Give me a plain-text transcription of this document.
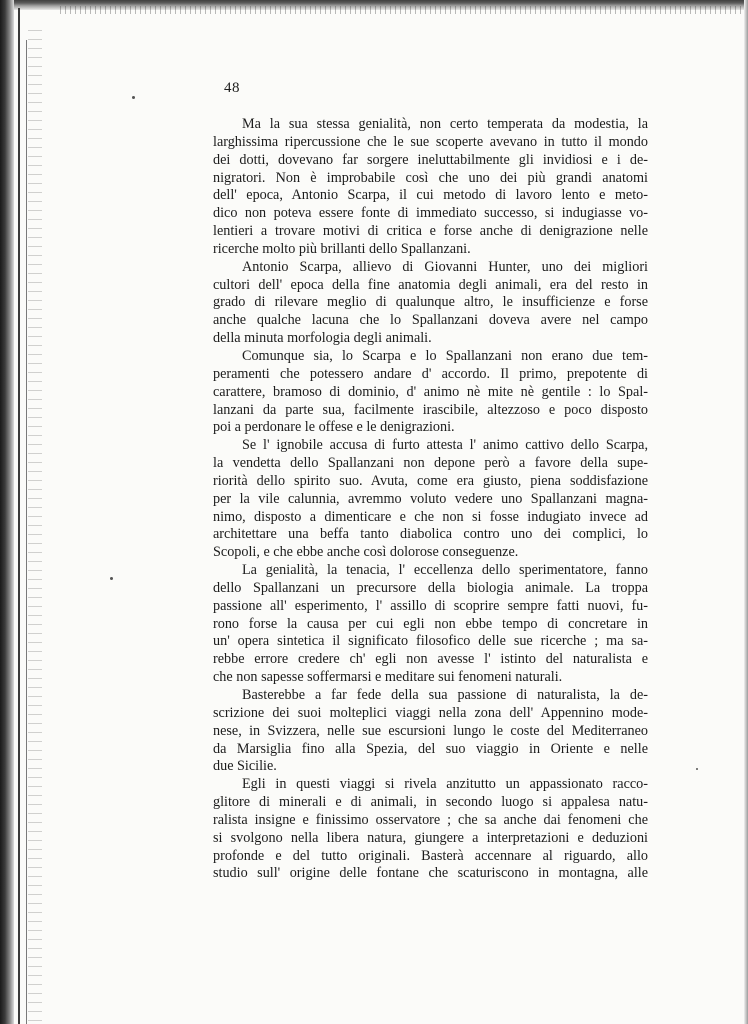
48
Ma la sua stessa genialità, non certo temperata da modestia, la
larghissima ripercussione che le sue scoperte avevano in tutto il mondo
dei dotti, dovevano far sorgere ineluttabilmente gli invidiosi e i de-
nigratori. Non è improbabile così che uno dei più grandi anatomi
dell' epoca, Antonio Scarpa, il cui metodo di lavoro lento e meto-
dico non poteva essere fonte di immediato successo, si indugiasse vo-
lentieri a trovare motivi di critica e forse anche di denigrazione nelle
ricerche molto più brillanti dello Spallanzani.
Antonio Scarpa, allievo di Giovanni Hunter, uno dei migliori
cultori dell' epoca della fine anatomia degli animali, era del resto in
grado di rilevare meglio di qualunque altro, le insufficienze e forse
anche qualche lacuna che lo Spallanzani doveva avere nel campo
della minuta morfologia degli animali.
Comunque sia, lo Scarpa e lo Spallanzani non erano due tem-
peramenti che potessero andare d' accordo. Il primo, prepotente di
carattere, bramoso di dominio, d' animo nè mite nè gentile : lo Spal-
lanzani da parte sua, facilmente irascibile, altezzoso e poco disposto
poi a perdonare le offese e le denigrazioni.
Se l' ignobile accusa di furto attesta l' animo cattivo dello Scarpa,
la vendetta dello Spallanzani non depone però a favore della supe-
riorità dello spirito suo. Avuta, come era giusto, piena soddisfazione
per la vile calunnia, avremmo voluto vedere uno Spallanzani magna-
nimo, disposto a dimenticare e che non si fosse indugiato invece ad
architettare una beffa tanto diabolica contro uno dei complici, lo
Scopoli, e che ebbe anche così dolorose conseguenze.
La genialità, la tenacia, l' eccellenza dello sperimentatore, fanno
dello Spallanzani un precursore della biologia animale. La troppa
passione all' esperimento, l' assillo di scoprire sempre fatti nuovi, fu-
rono forse la causa per cui egli non ebbe tempo di concretare in
un' opera sintetica il significato filosofico delle sue ricerche ; ma sa-
rebbe errore credere ch' egli non avesse l' istinto del naturalista e
che non sapesse soffermarsi e meditare sui fenomeni naturali.
Basterebbe a far fede della sua passione di naturalista, la de-
scrizione dei suoi molteplici viaggi nella zona dell' Appennino mode-
nese, in Svizzera, nelle sue escursioni lungo le coste del Mediterraneo
da Marsiglia fino alla Spezia, del suo viaggio in Oriente e nelle
due Sicilie.
Egli in questi viaggi si rivela anzitutto un appassionato racco-
glitore di minerali e di animali, in secondo luogo si appalesa natu-
ralista insigne e finissimo osservatore ; che sa anche dai fenomeni che
si svolgono nella libera natura, giungere a interpretazioni e deduzioni
profonde e del tutto originali. Basterà accennare al riguardo, allo
studio sull' origine delle fontane che scaturiscono in montagna, alle
